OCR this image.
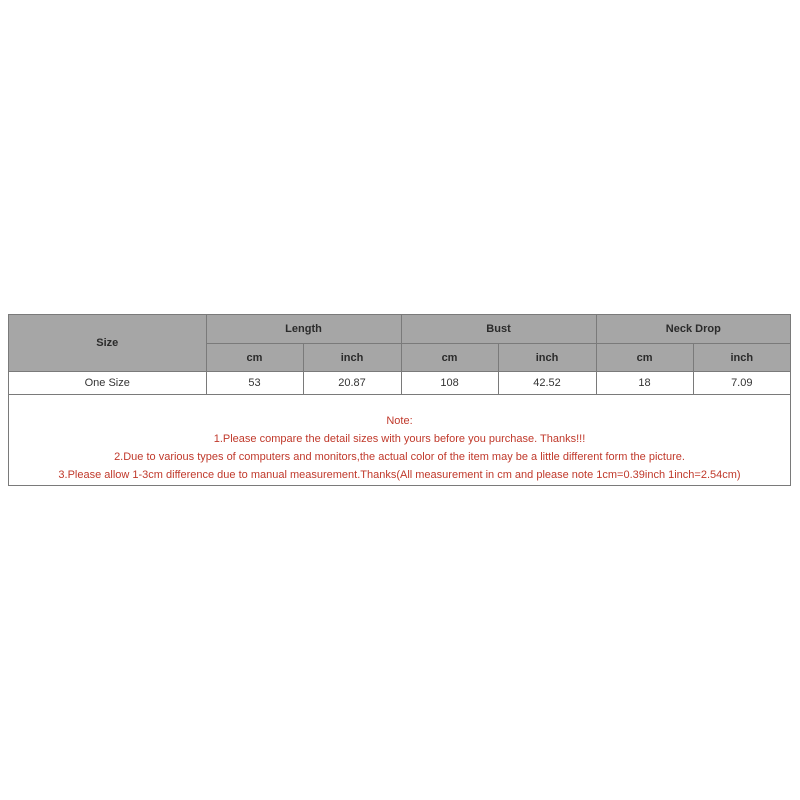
Size	Length		Bust		Neck Drop	
	cm	inch	cm	inch	cm	inch
One Size	53	20.87	108	42.52	18	7.09
Note:
1.Please compare the detail sizes with yours before you purchase. Thanks!!!
2.Due to various types of computers and monitors,the actual color of the item may be a little different form the picture.
3.Please allow 1-3cm difference due to manual measurement.Thanks(All measurement in cm and please note 1cm=0.39inch 1inch=2.54cm)
